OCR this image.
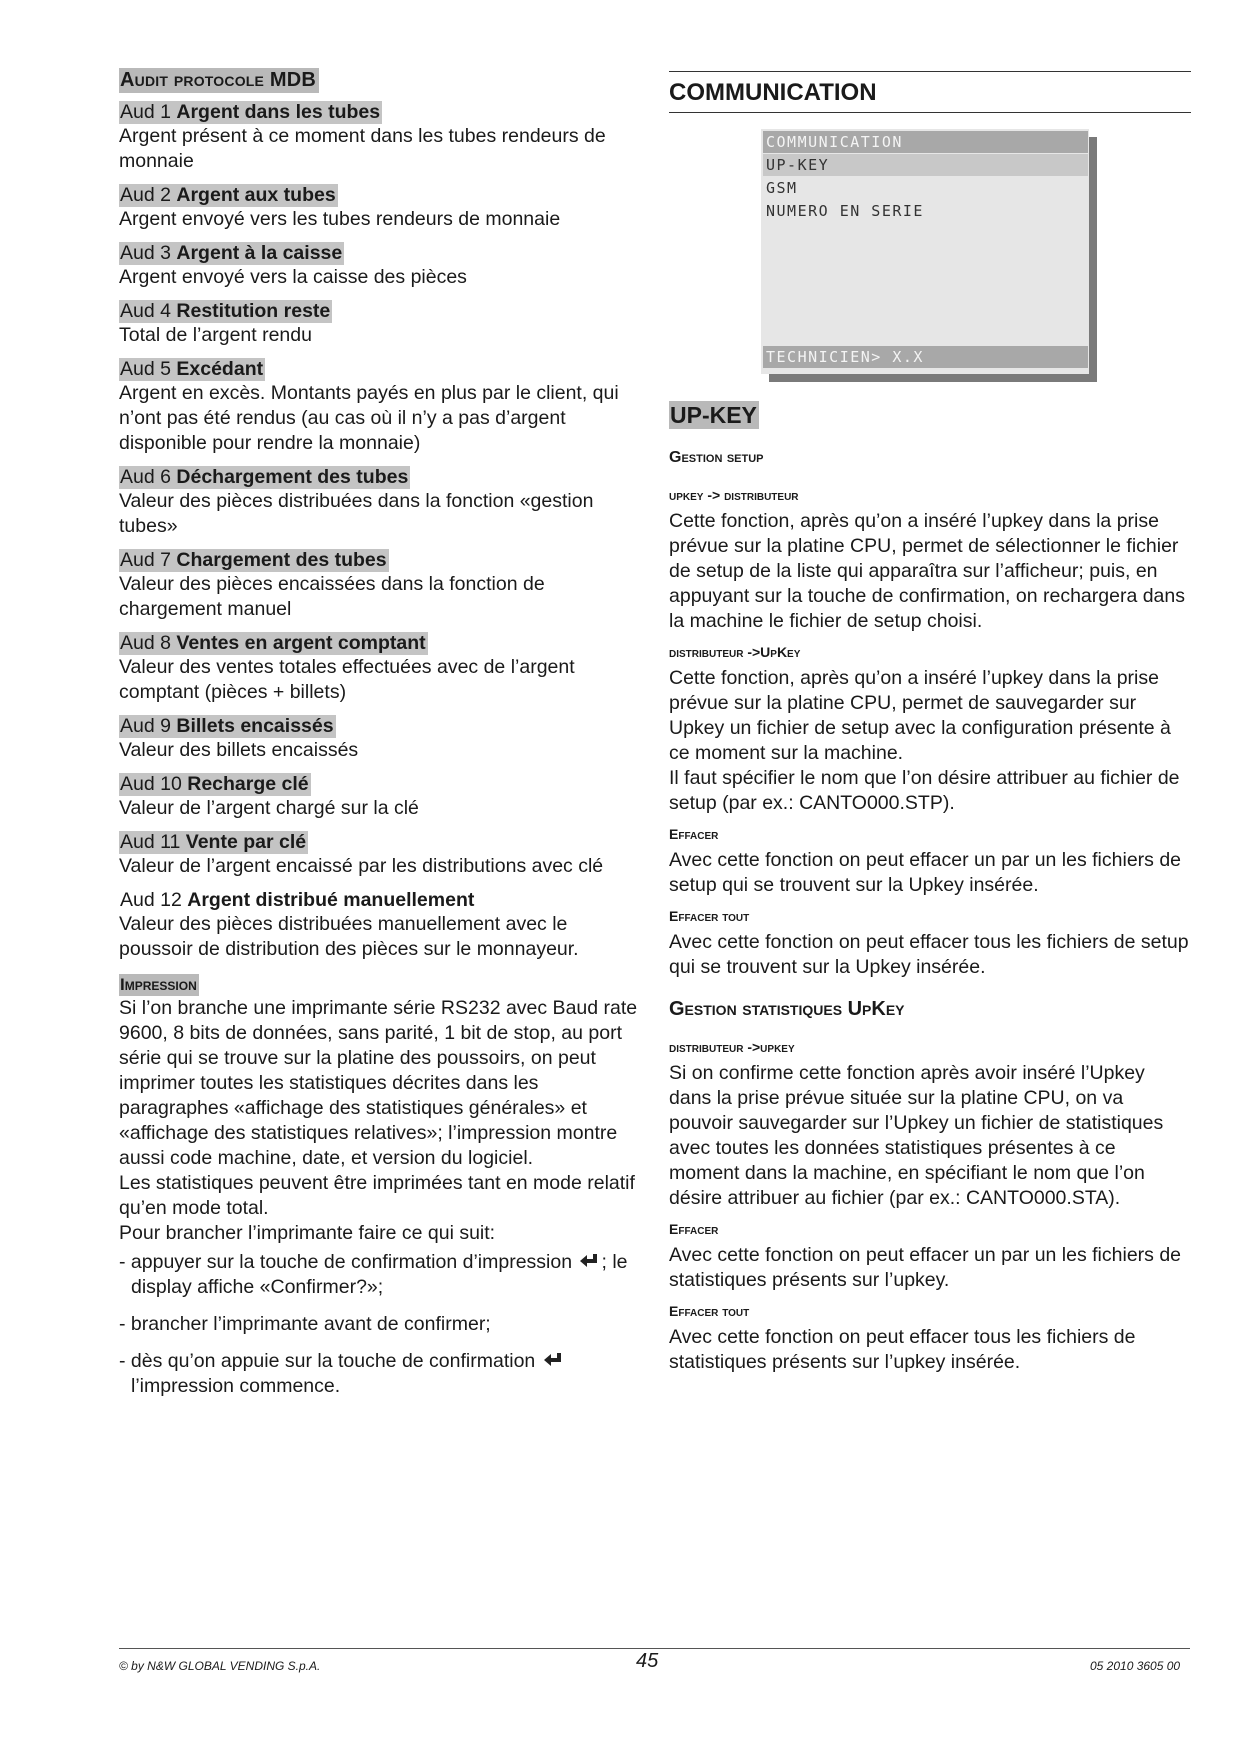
Audit protocole MDB
Aud 1 Argent dans les tubes
Argent présent à ce moment dans les tubes rendeurs de monnaie
Aud 2 Argent aux tubes
Argent envoyé vers les tubes rendeurs de monnaie
Aud 3 Argent à la caisse
Argent envoyé vers la caisse des pièces
Aud 4 Restitution reste
Total de l’argent rendu
Aud 5 Excédant
Argent en excès. Montants payés en plus par le client, qui n’ont pas été rendus (au cas où il n’y a pas d’argent disponible pour rendre la monnaie)
Aud 6 Déchargement des tubes
Valeur des pièces distribuées dans la fonction «gestion tubes»
Aud 7 Chargement des tubes
Valeur des pièces encaissées dans la fonction de chargement manuel
Aud 8 Ventes en argent comptant
Valeur des ventes totales effectuées avec de l’argent comptant (pièces + billets)
Aud 9 Billets encaissés
Valeur des billets encaissés
Aud 10 Recharge clé
Valeur de l’argent chargé sur la clé
Aud 11 Vente par clé
Valeur de l’argent encaissé par les distributions avec clé
Aud 12 Argent distribué manuellement
Valeur des pièces distribuées manuellement avec le poussoir de distribution des pièces sur le monnayeur.
Impression
Si l’on branche une imprimante série RS232 avec Baud rate 9600, 8 bits de données, sans parité, 1 bit de stop, au port série qui se trouve sur la platine des poussoirs, on peut imprimer toutes les statistiques décrites dans les paragraphes «affichage des statistiques générales» et «affichage des statistiques relatives»; l’impression montre aussi code machine, date, et version du logiciel.
Les statistiques peuvent être imprimées tant en mode relatif qu’en mode total.
Pour brancher l’imprimante faire ce qui suit:
- appuyer sur la touche de confirmation d’impression ; le display affiche «Confirmer?»;
- brancher l’imprimante avant de confirmer;
- dès qu’on appuie sur la touche de confirmation  l’impression commence.
COMMUNICATION
COMMUNICATION
UP-KEY
GSM
NUMERO EN SERIE
TECHNICIEN> X.X
UP-KEY
Gestion setup
upkey -> distributeur
Cette fonction, après qu’on a inséré l’upkey dans la prise prévue sur la platine CPU, permet de sélectionner le fichier de setup de la liste qui apparaîtra sur l’afficheur; puis, en appuyant sur la touche de confirmation, on rechargera dans la machine le fichier de setup choisi.
distributeur ->UpKey
Cette fonction, après qu’on a inséré l’upkey dans la prise prévue sur la platine CPU, permet de sauvegarder sur Upkey un fichier de setup avec la configuration présente à ce moment sur la machine.
Il faut spécifier le nom que l’on désire attribuer au fichier de setup (par ex.: CANTO000.STP).
Effacer
Avec cette fonction on peut effacer un par un les fichiers de setup qui se trouvent sur la Upkey insérée.
Effacer tout
Avec cette fonction on peut effacer tous les fichiers de setup qui se trouvent sur la Upkey insérée.
Gestion statistiques UpKey
distributeur ->upkey
Si on confirme cette fonction après avoir inséré l’Upkey dans la prise prévue située sur la platine CPU, on va pouvoir sauvegarder sur l’Upkey un fichier de statistiques avec toutes les données statistiques présentes à ce moment dans la machine, en spécifiant le nom que l’on désire attribuer au fichier (par ex.: CANTO000.STA).
Effacer
Avec cette fonction on peut effacer un par un les fichiers de statistiques présents sur l’upkey.
Effacer tout
Avec cette fonction on peut effacer tous les fichiers de statistiques présents sur l’upkey insérée.
© by N&W GLOBAL VENDING S.p.A.	45	05 2010 3605 00
